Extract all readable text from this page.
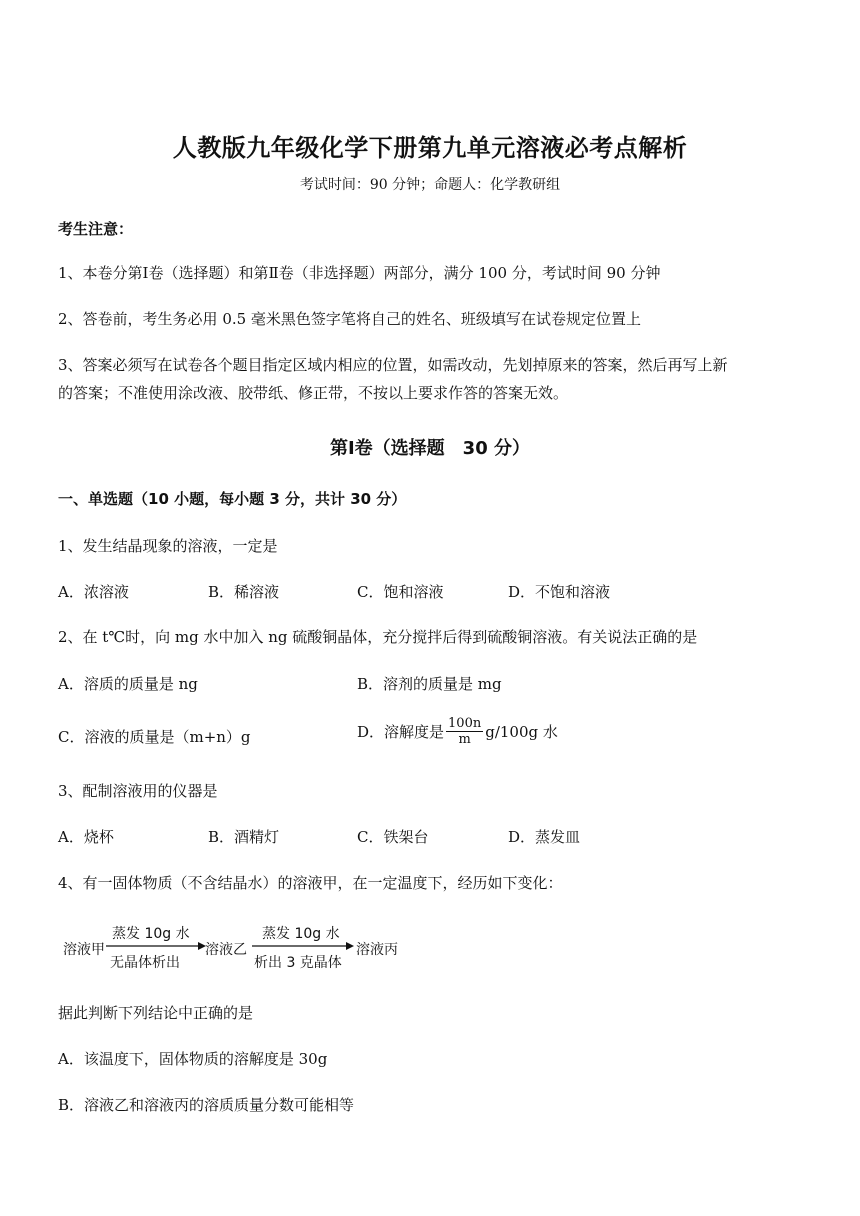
人教版九年级化学下册第九单元溶液必考点解析
考试时间：90 分钟；命题人：化学教研组
考生注意：
1、本卷分第Ⅰ卷（选择题）和第Ⅱ卷（非选择题）两部分，满分 100 分，考试时间 90 分钟
2、答卷前，考生务必用 0.5 毫米黑色签字笔将自己的姓名、班级填写在试卷规定位置上
3、答案必须写在试卷各个题目指定区域内相应的位置，如需改动，先划掉原来的答案，然后再写上新
的答案；不准使用涂改液、胶带纸、修正带，不按以上要求作答的答案无效。
第Ⅰ卷（选择题　30 分）
一、单选题（10 小题，每小题 3 分，共计 30 分）
1、发生结晶现象的溶液，一定是
A．浓溶液	B．稀溶液	C．饱和溶液	D．不饱和溶液
2、在 t℃时，向 mg 水中加入 ng 硫酸铜晶体，充分搅拌后得到硫酸铜溶液。有关说法正确的是
A．溶质的质量是 ng	B．溶剂的质量是 mg
C．溶液的质量是（m+n）g	D．溶解度是 $\frac{100n}{m} g/100g$ 水
3、配制溶液用的仪器是
A．烧杯	B．酒精灯	C．铁架台	D．蒸发皿
4、有一固体物质（不含结晶水）的溶液甲，在一定温度下，经历如下变化：
溶液甲
蒸发 10g 水
无晶体析出
溶液乙
蒸发 10g 水
析出 3 克晶体
溶液丙
据此判断下列结论中正确的是
A．该温度下，固体物质的溶解度是 30g
B．溶液乙和溶液丙的溶质质量分数可能相等
